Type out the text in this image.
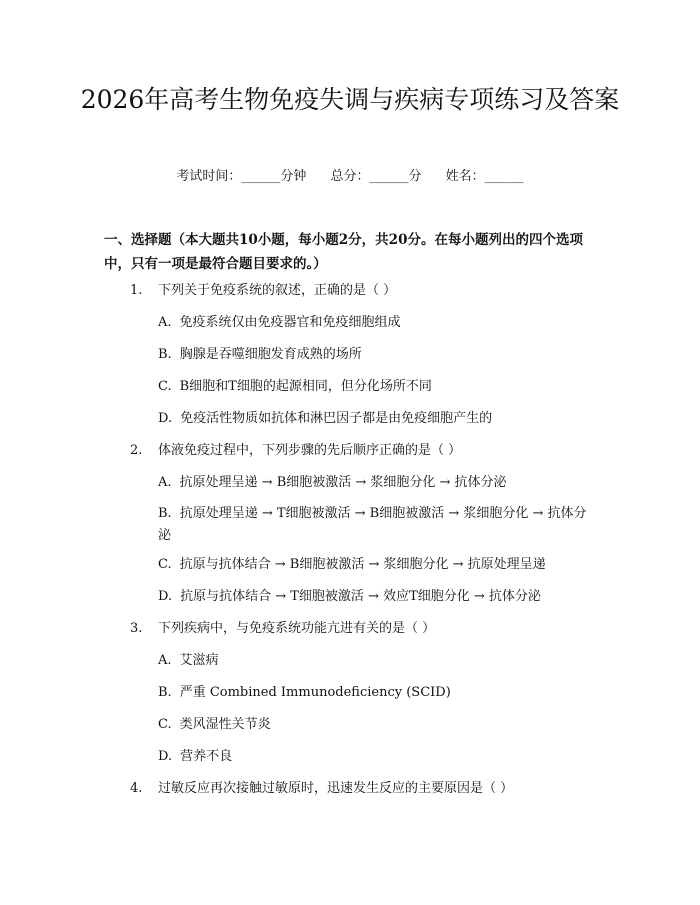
2026年高考生物免疫失调与疾病专项练习及答案
考试时间：______分钟 总分：______分 姓名：______
一、选择题（本大题共10小题，每小题2分，共20分。在每小题列出的四个选项中，只有一项是最符合题目要求的。）
1. 下列关于免疫系统的叙述，正确的是（ ）
A. 免疫系统仅由免疫器官和免疫细胞组成
B. 胸腺是吞噬细胞发育成熟的场所
C. B细胞和T细胞的起源相同，但分化场所不同
D. 免疫活性物质如抗体和淋巴因子都是由免疫细胞产生的
2. 体液免疫过程中，下列步骤的先后顺序正确的是（ ）
A. 抗原处理呈递 → B细胞被激活 → 浆细胞分化 → 抗体分泌
B. 抗原处理呈递 → T细胞被激活 → B细胞被激活 → 浆细胞分化 → 抗体分泌
C. 抗原与抗体结合 → B细胞被激活 → 浆细胞分化 → 抗原处理呈递
D. 抗原与抗体结合 → T细胞被激活 → 效应T细胞分化 → 抗体分泌
3. 下列疾病中，与免疫系统功能亢进有关的是（ ）
A. 艾滋病
B. 严重 Combined Immunodeficiency (SCID)
C. 类风湿性关节炎
D. 营养不良
4. 过敏反应再次接触过敏原时，迅速发生反应的主要原因是（ ）
